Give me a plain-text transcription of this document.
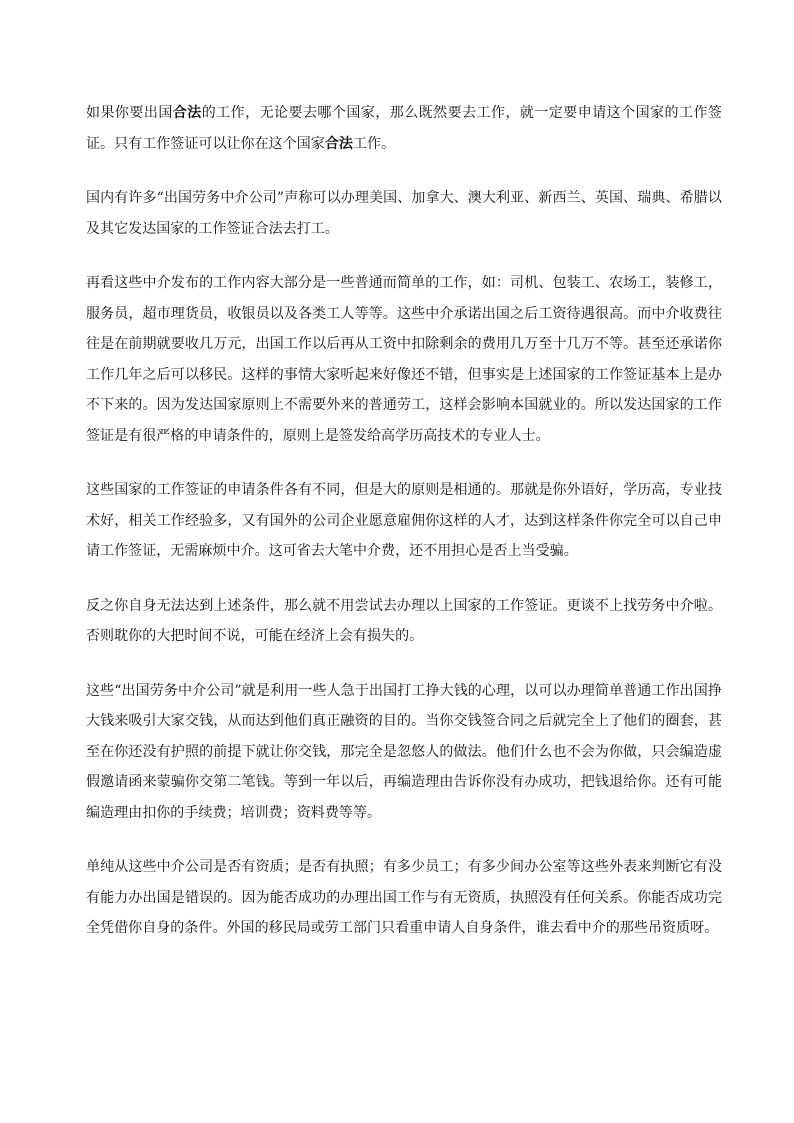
如果你要出国合法的工作，无论要去哪个国家，那么既然要去工作，就一定要申请这个国家的工作签证。只有工作签证可以让你在这个国家合法工作。

国内有许多“出国劳务中介公司”声称可以办理美国、加拿大、澳大利亚、新西兰、英国、瑞典、希腊以及其它发达国家的工作签证合法去打工。

再看这些中介发布的工作内容大部分是一些普通而简单的工作，如：司机、包装工、农场工，装修工，服务员，超市理货员，收银员以及各类工人等等。这些中介承诺出国之后工资待遇很高。而中介收费往往是在前期就要收几万元，出国工作以后再从工资中扣除剩余的费用几万至十几万不等。甚至还承诺你工作几年之后可以移民。这样的事情大家听起来好像还不错，但事实是上述国家的工作签证基本上是办不下来的。因为发达国家原则上不需要外来的普通劳工，这样会影响本国就业的。所以发达国家的工作签证是有很严格的申请条件的，原则上是签发给高学历高技术的专业人士。

这些国家的工作签证的申请条件各有不同，但是大的原则是相通的。那就是你外语好，学历高，专业技术好，相关工作经验多，又有国外的公司企业愿意雇佣你这样的人才，达到这样条件你完全可以自己申请工作签证，无需麻烦中介。这可省去大笔中介费，还不用担心是否上当受骗。

反之你自身无法达到上述条件，那么就不用尝试去办理以上国家的工作签证。更谈不上找劳务中介啦。否则耽你的大把时间不说，可能在经济上会有损失的。

这些“出国劳务中介公司”就是利用一些人急于出国打工挣大钱的心理，以可以办理简单普通工作出国挣大钱来吸引大家交钱，从而达到他们真正融资的目的。当你交钱签合同之后就完全上了他们的圈套，甚至在你还没有护照的前提下就让你交钱，那完全是忽悠人的做法。他们什么也不会为你做，只会编造虚假邀请函来蒙骗你交第二笔钱。等到一年以后，再编造理由告诉你没有办成功，把钱退给你。还有可能编造理由扣你的手续费；培训费；资料费等等。

单纯从这些中介公司是否有资质；是否有执照；有多少员工；有多少间办公室等这些外表来判断它有没有能力办出国是错误的。因为能否成功的办理出国工作与有无资质，执照没有任何关系。你能否成功完全凭借你自身的条件。外国的移民局或劳工部门只看重申请人自身条件，谁去看中介的那些吊资质呀。
